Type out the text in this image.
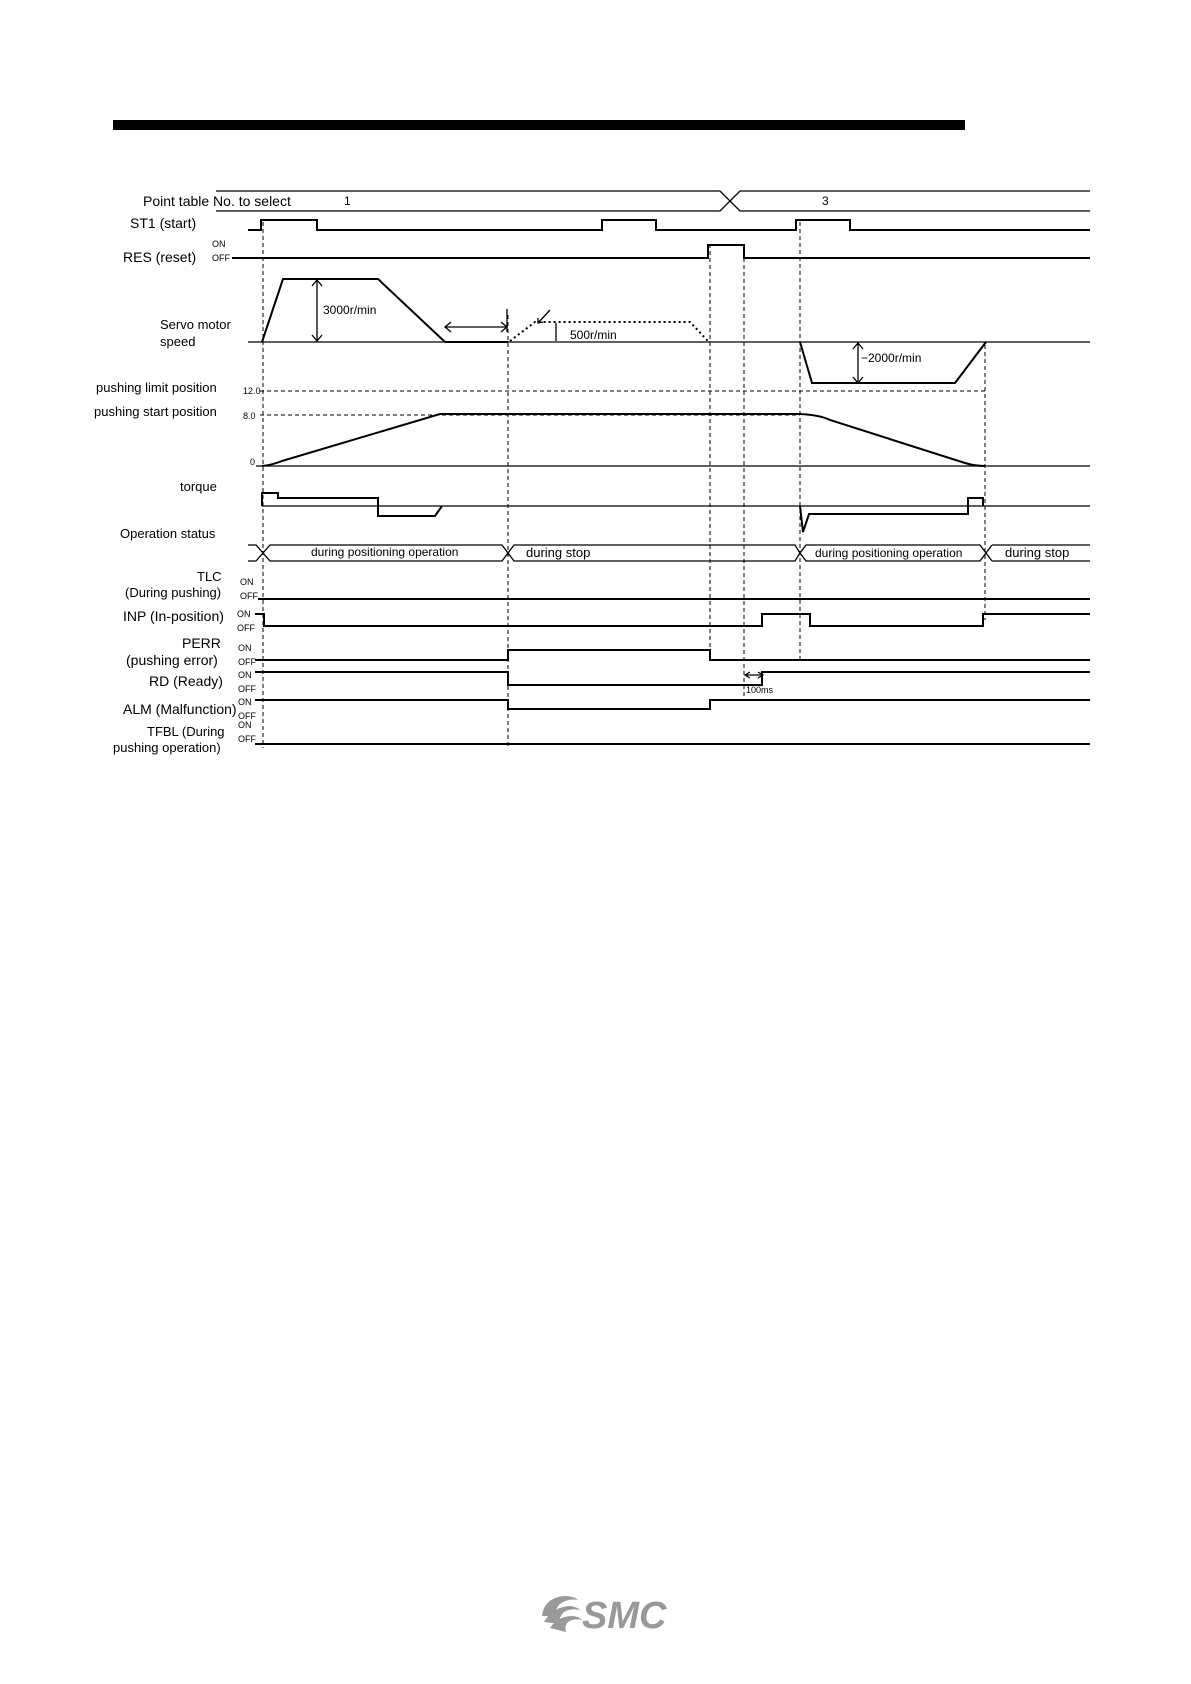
Point table No. to select
ST1 (start)
RES (reset)
Servo motor
speed
pushing limit position
pushing start position
torque
Operation status
TLC
(During pushing)
INP (In-position)
PERR
(pushing error)
RD (Ready)
ALM (Malfunction)
TFBL (During
pushing operation)
ON
OFF
ON
OFF
ON
OFF
ON
OFF
ON
OFF
ON
OFF
ON
OFF
1	3
3000r/min
500r/min
−2000r/min
12.0
8.0
0
during positioning operation	during stop	during positioning operation	during stop
100ms
SMC
